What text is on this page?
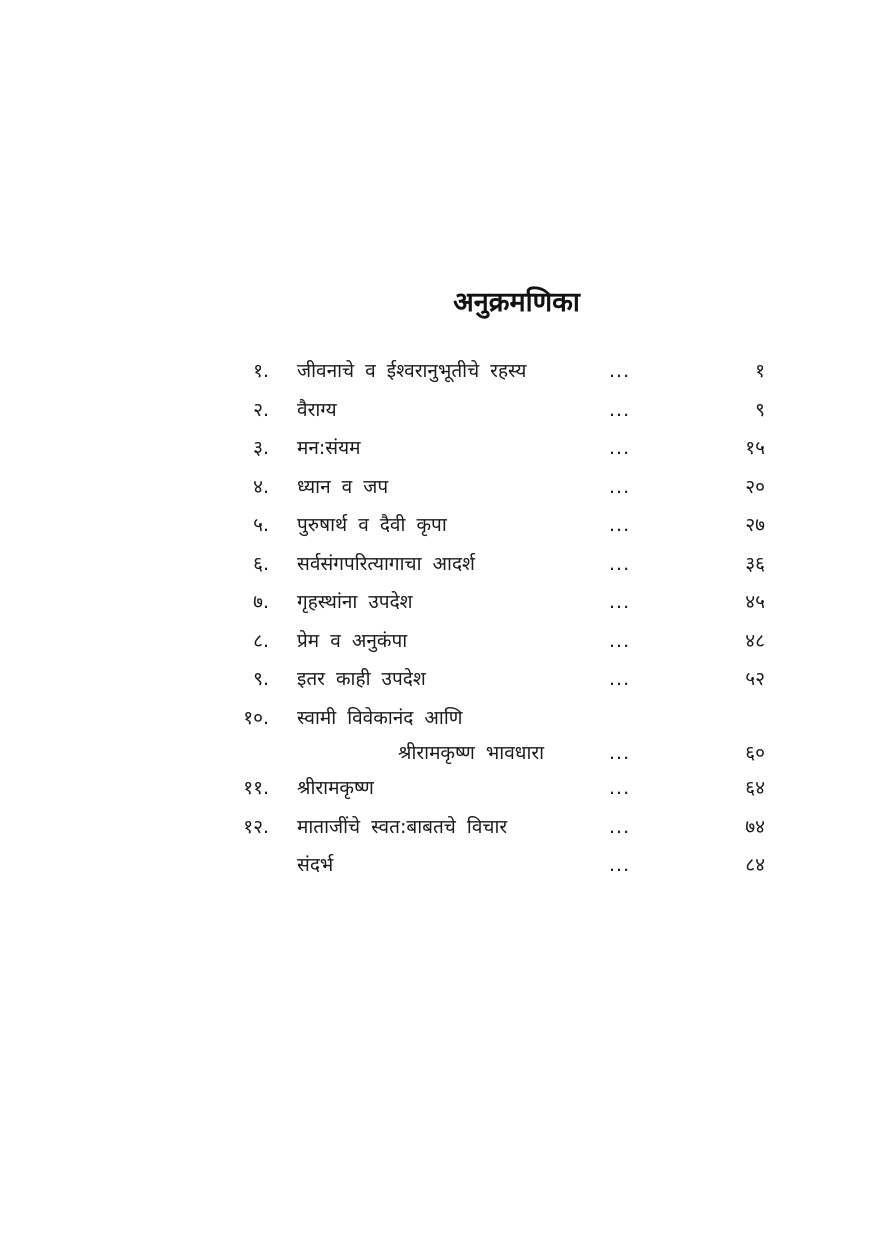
अनुक्रमणिका
१. जीवनाचे व ईश्वरानुभूतीचे रहस्य	...	१
२. वैराग्य	...	९
३. मन:संयम	...	१५
४. ध्यान व जप	...	२०
५. पुरुषार्थ व दैवी कृपा	...	२७
६. सर्वसंगपरित्यागाचा आदर्श	...	३६
७. गृहस्थांना उपदेश	...	४५
८. प्रेम व अनुकंपा	...	४८
९. इतर काही उपदेश	...	५२
१०. स्वामी विवेकानंद आणि
श्रीरामकृष्ण भावधारा	...	६०
११. श्रीरामकृष्ण	...	६४
१२. माताजींचे स्वत:बाबतचे विचार	...	७४
संदर्भ	...	८४
